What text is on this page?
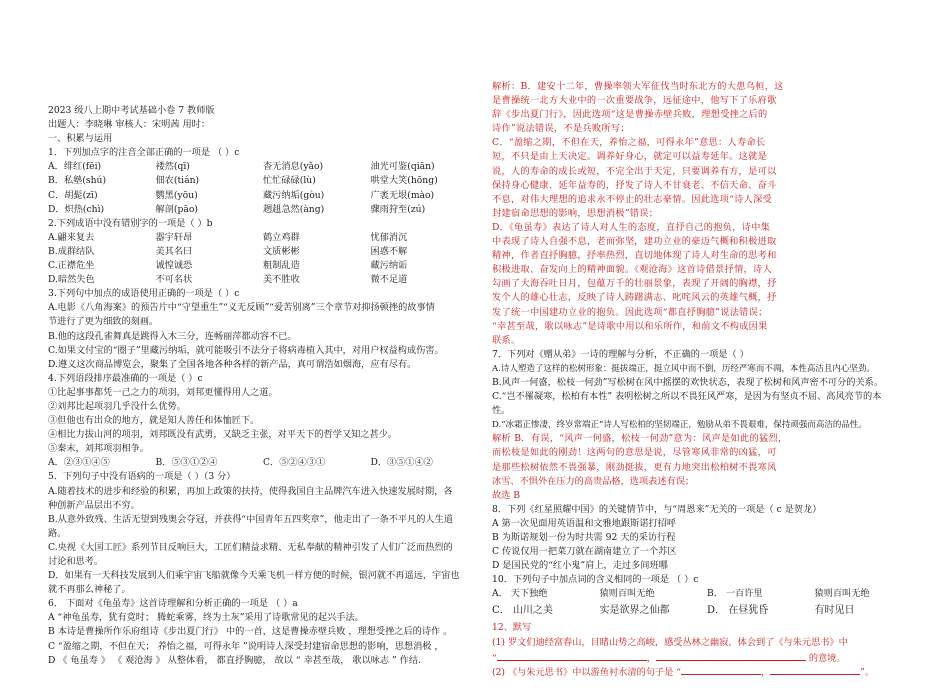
2023 级八上期中考试基础小卷 7 教师版
出题人：李晓琳 审核人：宋明茜 用时：
一、积累与运用
1．下列加点字的注音全部正确的一项是 （ ）c
A．绯红(fēi)	褛然(qī)	杳无消息(yǎo)	油光可鉴(qiān)
B．私塾(shú)	佃农(tián)	忙忙碌碌(lù)	哄堂大笑(hōng)
C．胡髭(zī)	鹦黑(yōu)	藏污纳垢(gòu)	广袤无垠(mào)
D．炽热(chì)	解剖(pāo)	趔趄急然(àng)	骤雨狩至(zú)
2.下列成语中没有错别字的一项是（ ）b
A.翩来复去	器宇轩昂	鹤立鸡群	忧郁消沉
B.成群结队	美其名曰	文质彬彬	困惑不解
C.正襟危坐	诚惶诚恐	粗制乱造	藏污纳诟
D.暗然失色	不可名状	美不胜收	微不足道
3.下列句中加点的成语使用正确的一项是（ ）c
A.电影《八角海案》的预告片中“守望重生”“义无反顾”“爱苦别离”三个章节对抑扬顿挫的故事情
节进行了更为细致的刻画。
B.他的这段孔雀舞真是跳得入木三分，连畅丽萍都动容不已。
C.如果文付宝的“圈子”里藏污纳垢，就可能吸引不法分子将病毒植入其中，对用户权益构成伤害。
D.遵义这次商品博览会，聚集了全国各地各种各样的新产品，真可谓浩如烟海，应有尽有。
4.下列语段排序最准确的一项是（ ）c
①比起事事都凭一己之力的项羽，刘邦更懂得用人之道。
②刘邦比起项羽几乎没什么优势。
③但他也有出众的地方，就是知人善任和体恤匠下。
④相比力拔山河的项羽，刘邦既没有武勇，又缺乏主张，对平天下的哲学又知之甚少。
⑤秦末，刘邦项羽相争。
A．②③①④⑤	B．⑤③①②④	C．⑤②④③①	D．③⑤①④②
5．下列句子中没有语病的一项是（ ）（3 分）
A.随着技术的进步和经验的积累，再加上政策的扶持，使得我国自主品牌汽车进入快速发展时期，各
种创新产品层出不穷。
B.从意外致残、生活无望到残奥会夺冠，并获得“中国青年五四奖章”，他走出了一条不平凡的人生道
路。
C.央视《大国工匠》系列节目反响巨大，工匠们精益求精、无私奉献的精神引发了人们广泛而热烈的
讨论和思考。
D．如果有一天科技发展到人们乘宇宙飞船就像今天乘飞机一样方便的时候，银河就不再遥远，宇宙也
就不再那么神秘了。
6． 下面对《龟虽寿》这首诗理解和分析正确的一项是 （ ）a
A “神龟虽寿，犹有竟时； 腾蛇乘雾，终为土灰”采用了诗歌常见的起兴手法。
B 本诗是曹操所作乐府组诗《步出夏门行》 中的一首，这是曹操赤壁兵败 ，理想受挫之后的诗作 。
C “盈缩之期，不但在天； 养怡之福，可得永年 ”说明诗人深受封建宿命思想的影响，思想消极 ，
D 《 龟虽寿 》 《 观沧海 》 从整体看， 都直抒胸臆， 故以 “ 幸甚至哉， 歌以咏志 ” 作结.
解析：B．建安十二年，曹操率领大军征伐当时东北方的大患乌桓，这
是曹操统一北方大业中的一次重要战争，远征途中，他写下了乐府歌
辞《步出夏门行》，因此选项“这是曹操赤壁兵败，理想受挫之后的
诗作”说法错误，不是兵败所写；
C．“盈缩之期，不但在天，养怡之福，可得永年”意思：人寿命长
短，不只是由上天决定。调养好身心，就定可以益寿延年。这就是
说，人的寿命的成长或短，不完全出于天定，只要调养有方，是可以
保持身心健康、延年益寿的，抒发了诗人不甘衰老、不信天命、奋斗
不息，对伟大理想的追求永不停止的壮志豪情。因此选项“诗人深受
封建宿命思想的影响，思想消极”错误；
D．《龟虽寿》表达了诗人对人生的态度，直抒自己的抱负，诗中集
中表现了诗人自强不息，老而弥坚，建功立业的豪迈气概和积极进取
精神，作者直抒胸臆，抒率热烈，直切地体现了诗人对生命的思考和
积极进取、奋发向上的精神面貌。《观沧海》这首诗借景抒情，诗人
勾画了大海吞吐日月，包蕴万千的壮丽景象，表现了开阔的胸襟，抒
发个人的雄心壮志，反映了诗人踌躇满志、叱咤风云的英雄气概，抒
发了统一中国建功立业的抱负。因此选项“都直抒胸臆”说法错误；
“幸甚至哉，歌以咏志”是诗歌中用以和乐所作，和前文不构成因果
联系。
7．下列对《赠从弟》一诗的理解与分析，不正确的一项是（ ）
A.诗人塑造了这样的松树形象：挺拔端正，挺立风中而不倒，历经严寒而不凋，本性高洁且内心坚劲。
B.风声一何盛，松枝一何劲”写松树在风中摇摆的欢快状态，表现了松树和风声密不可分的关系。
C.“岂不罹凝寒，松柏有本性” 表明松树之所以不畏狂风严寒，是因为有坚贞不屈、高风亮节的本
性。
D.“冰霜正惨凄，终岁常端正”诗人写松柏的坚韧端正，勉励从弟不畏艰难，保持顽强而高洁的品性。
解析 B．有误，“风声一何盛，松枝一何劲”意为：风声是如此的猛烈，
而松枝是如此的刚劲！这两句的意思是说，尽管寒风非常的凶猛，可
是那些松树依然不畏强暴，刚劲挺拔，更有力地突出松柏树不畏寒风
冰雪、不惧外在压力的高贵品格，选项表述有误；
故选 B
8．下列《红星照耀中国》的关键情节中，与“周恩来”无关的一项是（ c 是贺龙）
A 第一次见面用英语温和文雅地跟斯诺打招呼
B 为斯诺规划一份为时共需 92 天的采访行程
C 传说仅用一把菜刀就在湖南建立了一个苏区
D 是国民党的“红小鬼”肩上，走过多间班哪
10．下列句子中加点词的含义相同的一项是 （ ）c
A． 天下独绝	猿则百叫无绝	B． 一百许里	猿则百叫无绝
C． 山川之美	实是欲界之仙都	D． 在昼犹昏	有时见日
12、默写
(1) 罗文们迪经富春山，目睹山势之高峻，感受丛林之幽寂，体会到了《与朱元思书》中
“	，	的意境。
(2) 《与朱元思书》中以游鱼衬水清的句子是 “	，	”。
